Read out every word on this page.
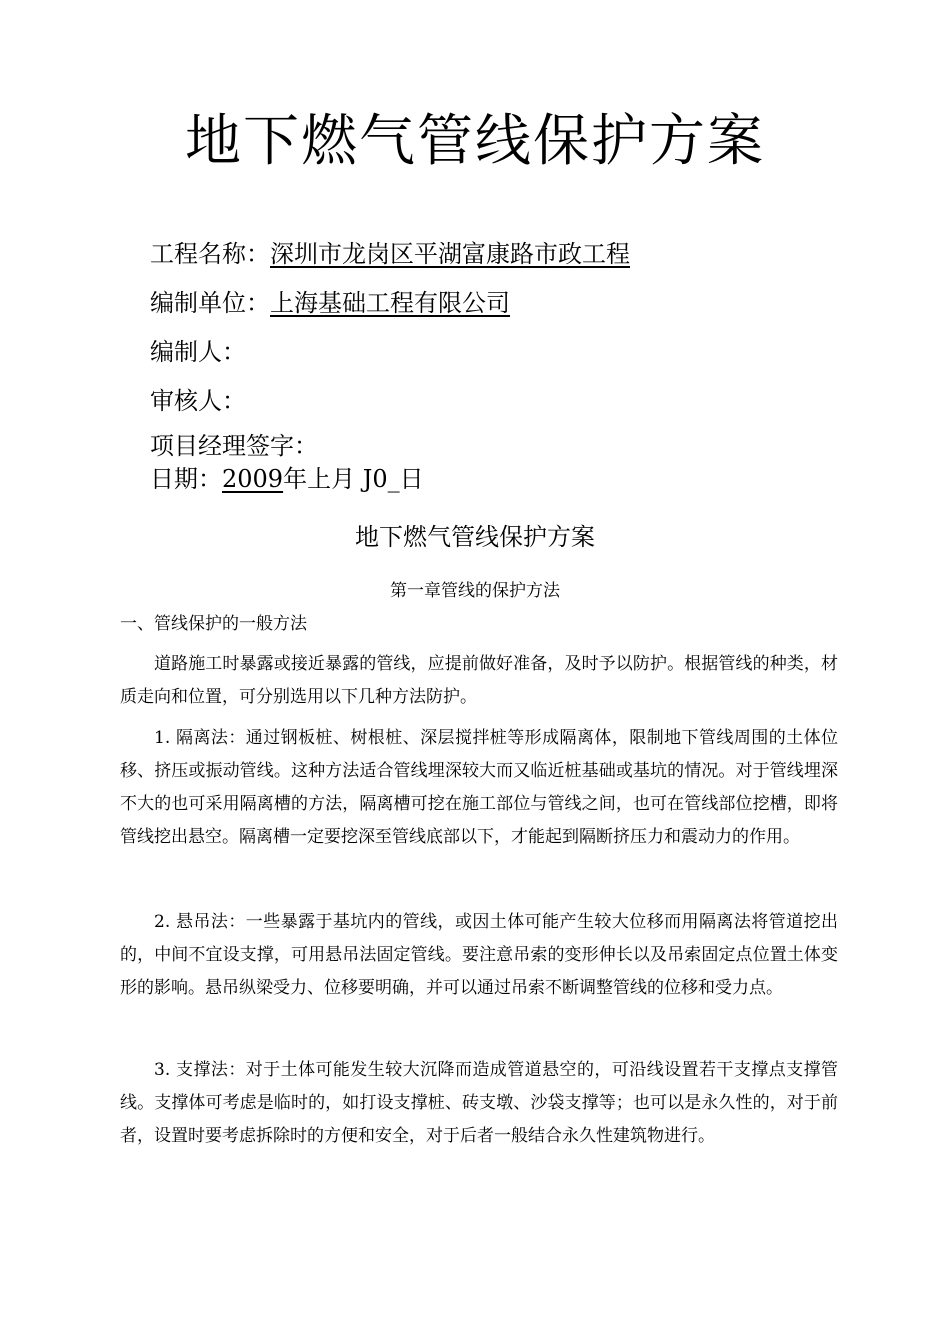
地下燃气管线保护方案
工程名称：深圳市龙岗区平湖富康路市政工程
编制单位：上海基础工程有限公司
编制人：
审核人：
项目经理签字：
日期：2009年上月 J0_日
地下燃气管线保护方案
第一章管线的保护方法
一、管线保护的一般方法

道路施工时暴露或接近暴露的管线，应提前做好准备，及时予以防护。根据管线的种类，材质走向和位置，可分别选用以下几种方法防护。

1. 隔离法：通过钢板桩、树根桩、深层搅拌桩等形成隔离体，限制地下管线周围的土体位移、挤压或振动管线。这种方法适合管线埋深较大而又临近桩基础或基坑的情况。对于管线埋深不大的也可采用隔离槽的方法，隔离槽可挖在施工部位与管线之间，也可在管线部位挖槽，即将管线挖出悬空。隔离槽一定要挖深至管线底部以下，才能起到隔断挤压力和震动力的作用。

2. 悬吊法：一些暴露于基坑内的管线，或因土体可能产生较大位移而用隔离法将管道挖出的，中间不宜设支撑，可用悬吊法固定管线。要注意吊索的变形伸长以及吊索固定点位置土体变形的影响。悬吊纵梁受力、位移要明确，并可以通过吊索不断调整管线的位移和受力点。

3. 支撑法：对于土体可能发生较大沉降而造成管道悬空的，可沿线设置若干支撑点支撑管线。支撑体可考虑是临时的，如打设支撑桩、砖支墩、沙袋支撑等；也可以是永久性的，对于前者，设置时要考虑拆除时的方便和安全，对于后者一般结合永久性建筑物进行。
